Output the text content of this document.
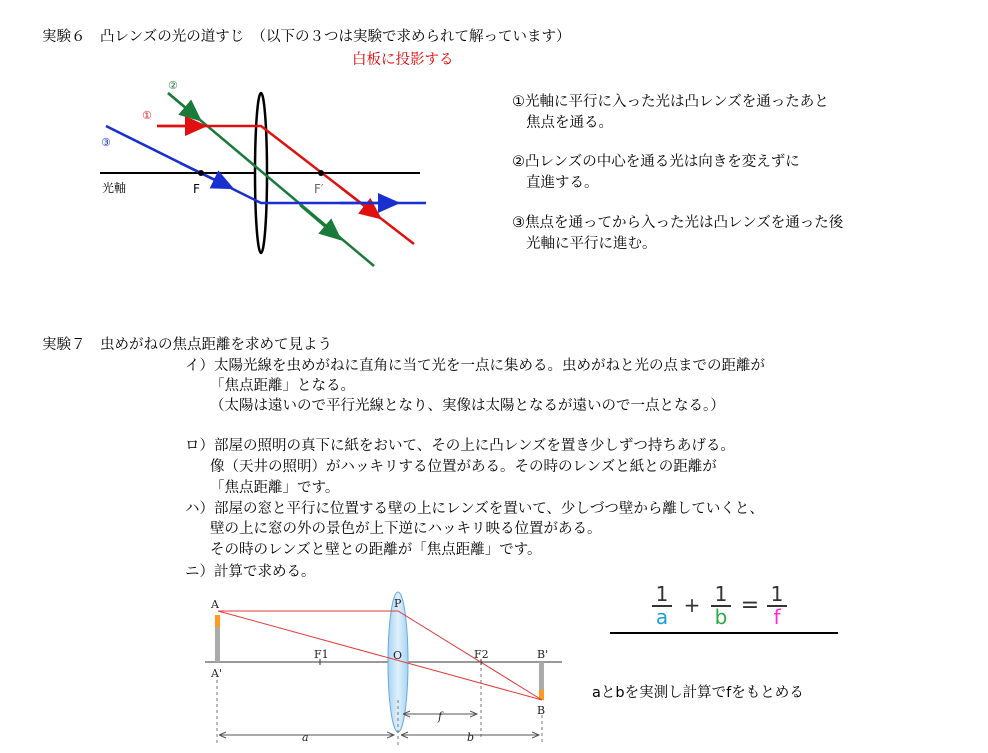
実験６　凸レンズの光の道すじ　（以下の３つは実験で求められて解っています）
白板に投影する
光軸	F	F′
①
②
③
①光軸に平行に入った光は凸レンズを通ったあと
焦点を通る。
②凸レンズの中心を通る光は向きを変えずに
直進する。
③焦点を通ってから入った光は凸レンズを通った後
光軸に平行に進む。
実験７　虫めがねの焦点距離を求めて見よう
イ）太陽光線を虫めがねに直角に当て光を一点に集める。虫めがねと光の点までの距離が
「焦点距離」となる。
（太陽は遠いので平行光線となり、実像は太陽となるが遠いので一点となる。）
ロ）部屋の照明の真下に紙をおいて、その上に凸レンズを置き少しずつ持ちあげる。
像（天井の照明）がハッキリする位置がある。その時のレンズと紙との距離が
「焦点距離」です。
ハ）部屋の窓と平行に位置する壁の上にレンズを置いて、少しづつ壁から離していくと、
壁の上に窓の外の景色が上下逆にハッキリ映る位置がある。
その時のレンズと壁との距離が「焦点距離」です。
ニ）計算で求める。
A
A'
P
O
F1	F2	B'
B
f
a	b
1
a + 1
b = 1
f
aとbを実測し計算でfをもとめる
